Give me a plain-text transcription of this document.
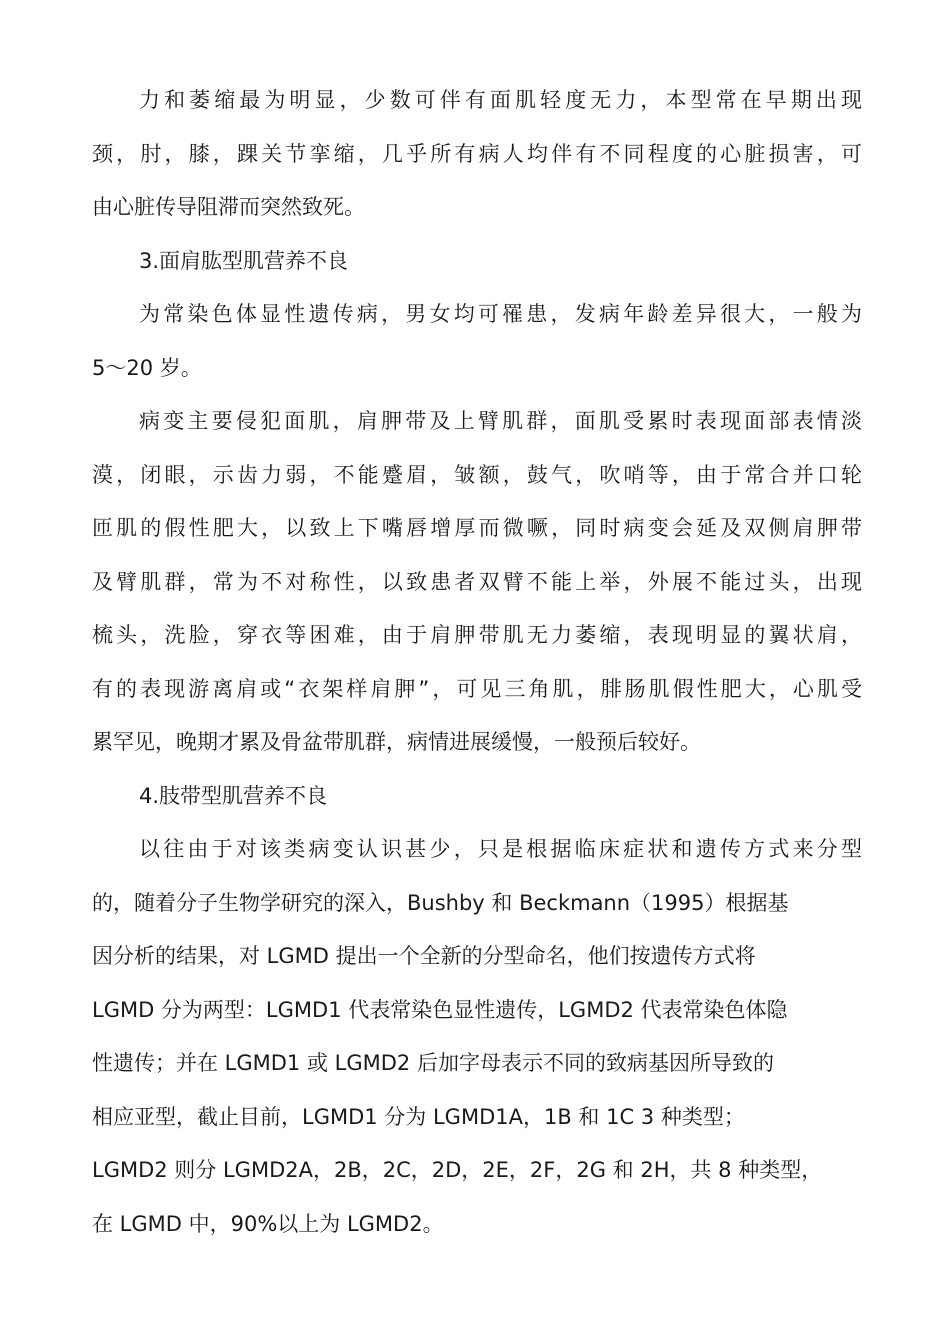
力和萎缩最为明显，少数可伴有面肌轻度无力，本型常在早期出现
颈，肘，膝，踝关节挛缩，几乎所有病人均伴有不同程度的心脏损害，可
由心脏传导阻滞而突然致死。
3.面肩肱型肌营养不良
为常染色体显性遗传病，男女均可罹患，发病年龄差异很大，一般为
5～20 岁。
病变主要侵犯面肌，肩胛带及上臂肌群，面肌受累时表现面部表情淡
漠，闭眼，示齿力弱，不能蹙眉，皱额，鼓气，吹哨等，由于常合并口轮
匝肌的假性肥大，以致上下嘴唇增厚而微噘，同时病变会延及双侧肩胛带
及臂肌群，常为不对称性，以致患者双臂不能上举，外展不能过头，出现
梳头，洗脸，穿衣等困难，由于肩胛带肌无力萎缩，表现明显的翼状肩，
有的表现游离肩或“衣架样肩胛”，可见三角肌，腓肠肌假性肥大，心肌受
累罕见，晚期才累及骨盆带肌群，病情进展缓慢，一般预后较好。
4.肢带型肌营养不良
以往由于对该类病变认识甚少，只是根据临床症状和遗传方式来分型
的，随着分子生物学研究的深入，Bushby 和 Beckmann（1995）根据基
因分析的结果，对 LGMD 提出一个全新的分型命名，他们按遗传方式将
LGMD 分为两型：LGMD1 代表常染色显性遗传，LGMD2 代表常染色体隐
性遗传；并在 LGMD1 或 LGMD2 后加字母表示不同的致病基因所导致的
相应亚型，截止目前，LGMD1 分为 LGMD1A，1B 和 1C 3 种类型；
LGMD2 则分 LGMD2A，2B，2C，2D，2E，2F，2G 和 2H，共 8 种类型，
在 LGMD 中，90%以上为 LGMD2。
